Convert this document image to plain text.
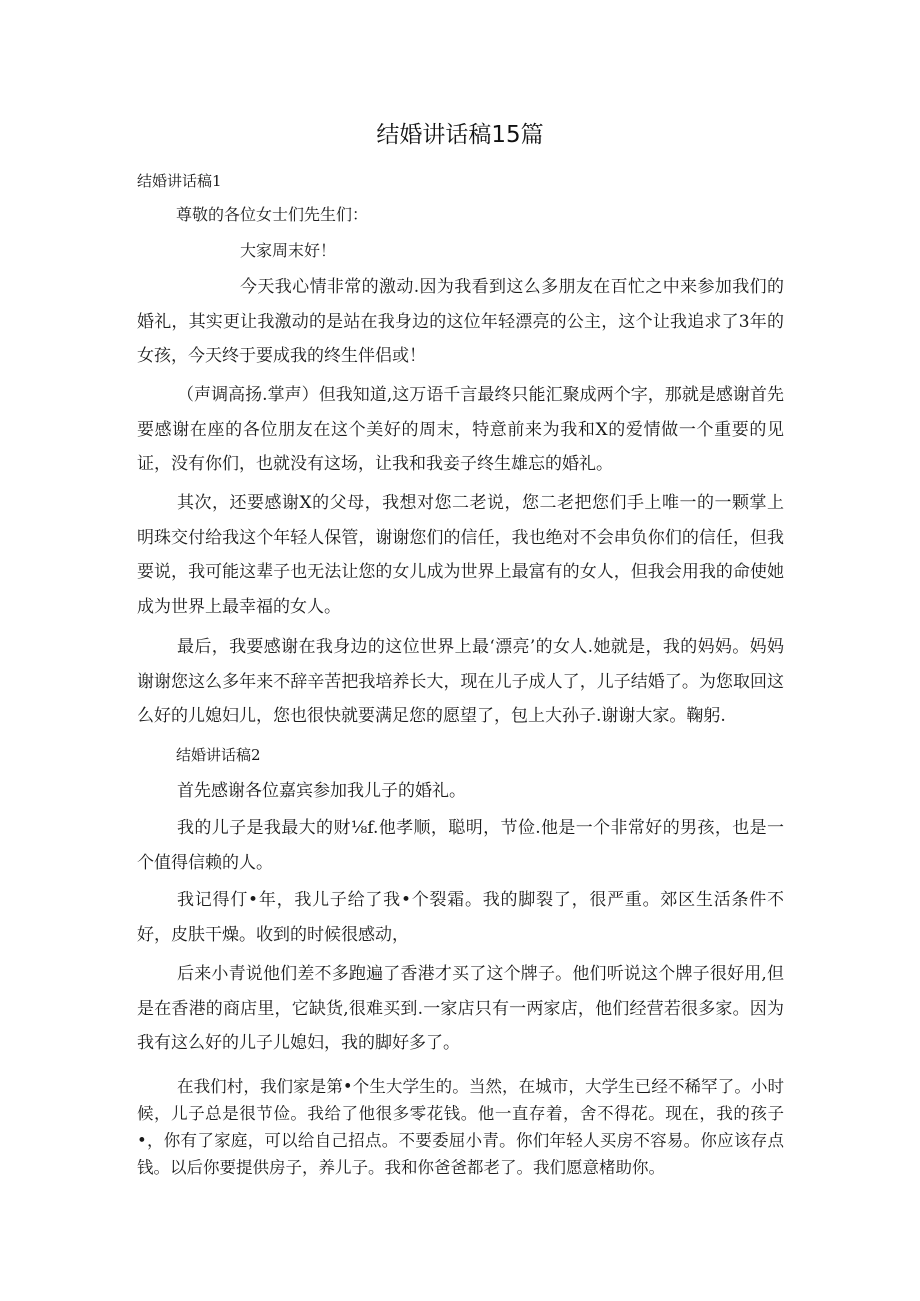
结婚讲话稿15篇

结婚讲话稿1

尊敬的各位女士们先生们：

大家周末好！

今天我心情非常的激动.因为我看到这么多朋友在百忙之中来参加我们的婚礼，其实更让我激动的是站在我身边的这位年轻漂亮的公主，这个让我追求了3年的女孩，今天终于要成我的终生伴侣或！

（声调高扬.掌声）但我知道,这万语千言最终只能汇聚成两个字，那就是感谢首先要感谢在座的各位朋友在这个美好的周末，特意前来为我和X的爱情做一个重要的见证，没有你们，也就没有这场，让我和我妾子终生雄忘的婚礼。

其次，还要感谢X的父母，我想对您二老说，您二老把您们手上唯一的一颗掌上明珠交付给我这个年轻人保管，谢谢您们的信任，我也绝对不会串负你们的信任，但我要说，我可能这辈子也无法让您的女儿成为世界上最富有的女人，但我会用我的命使她成为世界上最幸福的女人。

最后，我要感谢在我身边的这位世界上最‘漂亮’的女人.她就是，我的妈妈。妈妈谢谢您这么多年来不辞辛苦把我培养长大，现在儿子成人了，儿子结婚了。为您取回这么好的儿媳妇儿，您也很快就要满足您的愿望了，包上大孙子.谢谢大家。鞠躬.

结婚讲话稿2

首先感谢各位嘉宾参加我儿子的婚礼。

我的儿子是我最大的财⅛f.他孝顺，聪明，节俭.他是一个非常好的男孩，也是一个值得信赖的人。

我记得仃•年，我儿子给了我•个裂霜。我的脚裂了，很严重。郊区生活条件不好，皮肤干燥。收到的时候很感动，

后来小青说他们差不多跑遍了香港才买了这个牌子。他们听说这个牌子很好用,但是在香港的商店里，它缺货,很难买到.一家店只有一两家店，他们经营若很多家。因为我有这么好的儿子儿媳妇，我的脚好多了。

在我们村，我们家是第•个生大学生的。当然，在城市，大学生已经不稀罕了。小时候，儿子总是很节俭。我给了他很多零花钱。他一直存着，舍不得花。现在，我的孩子•，你有了家庭，可以给自己招点。不要委屈小青。你们年轻人买房不容易。你应该存点钱。以后你要提供房子，养儿子。我和你爸爸都老了。我们愿意楮助你。
